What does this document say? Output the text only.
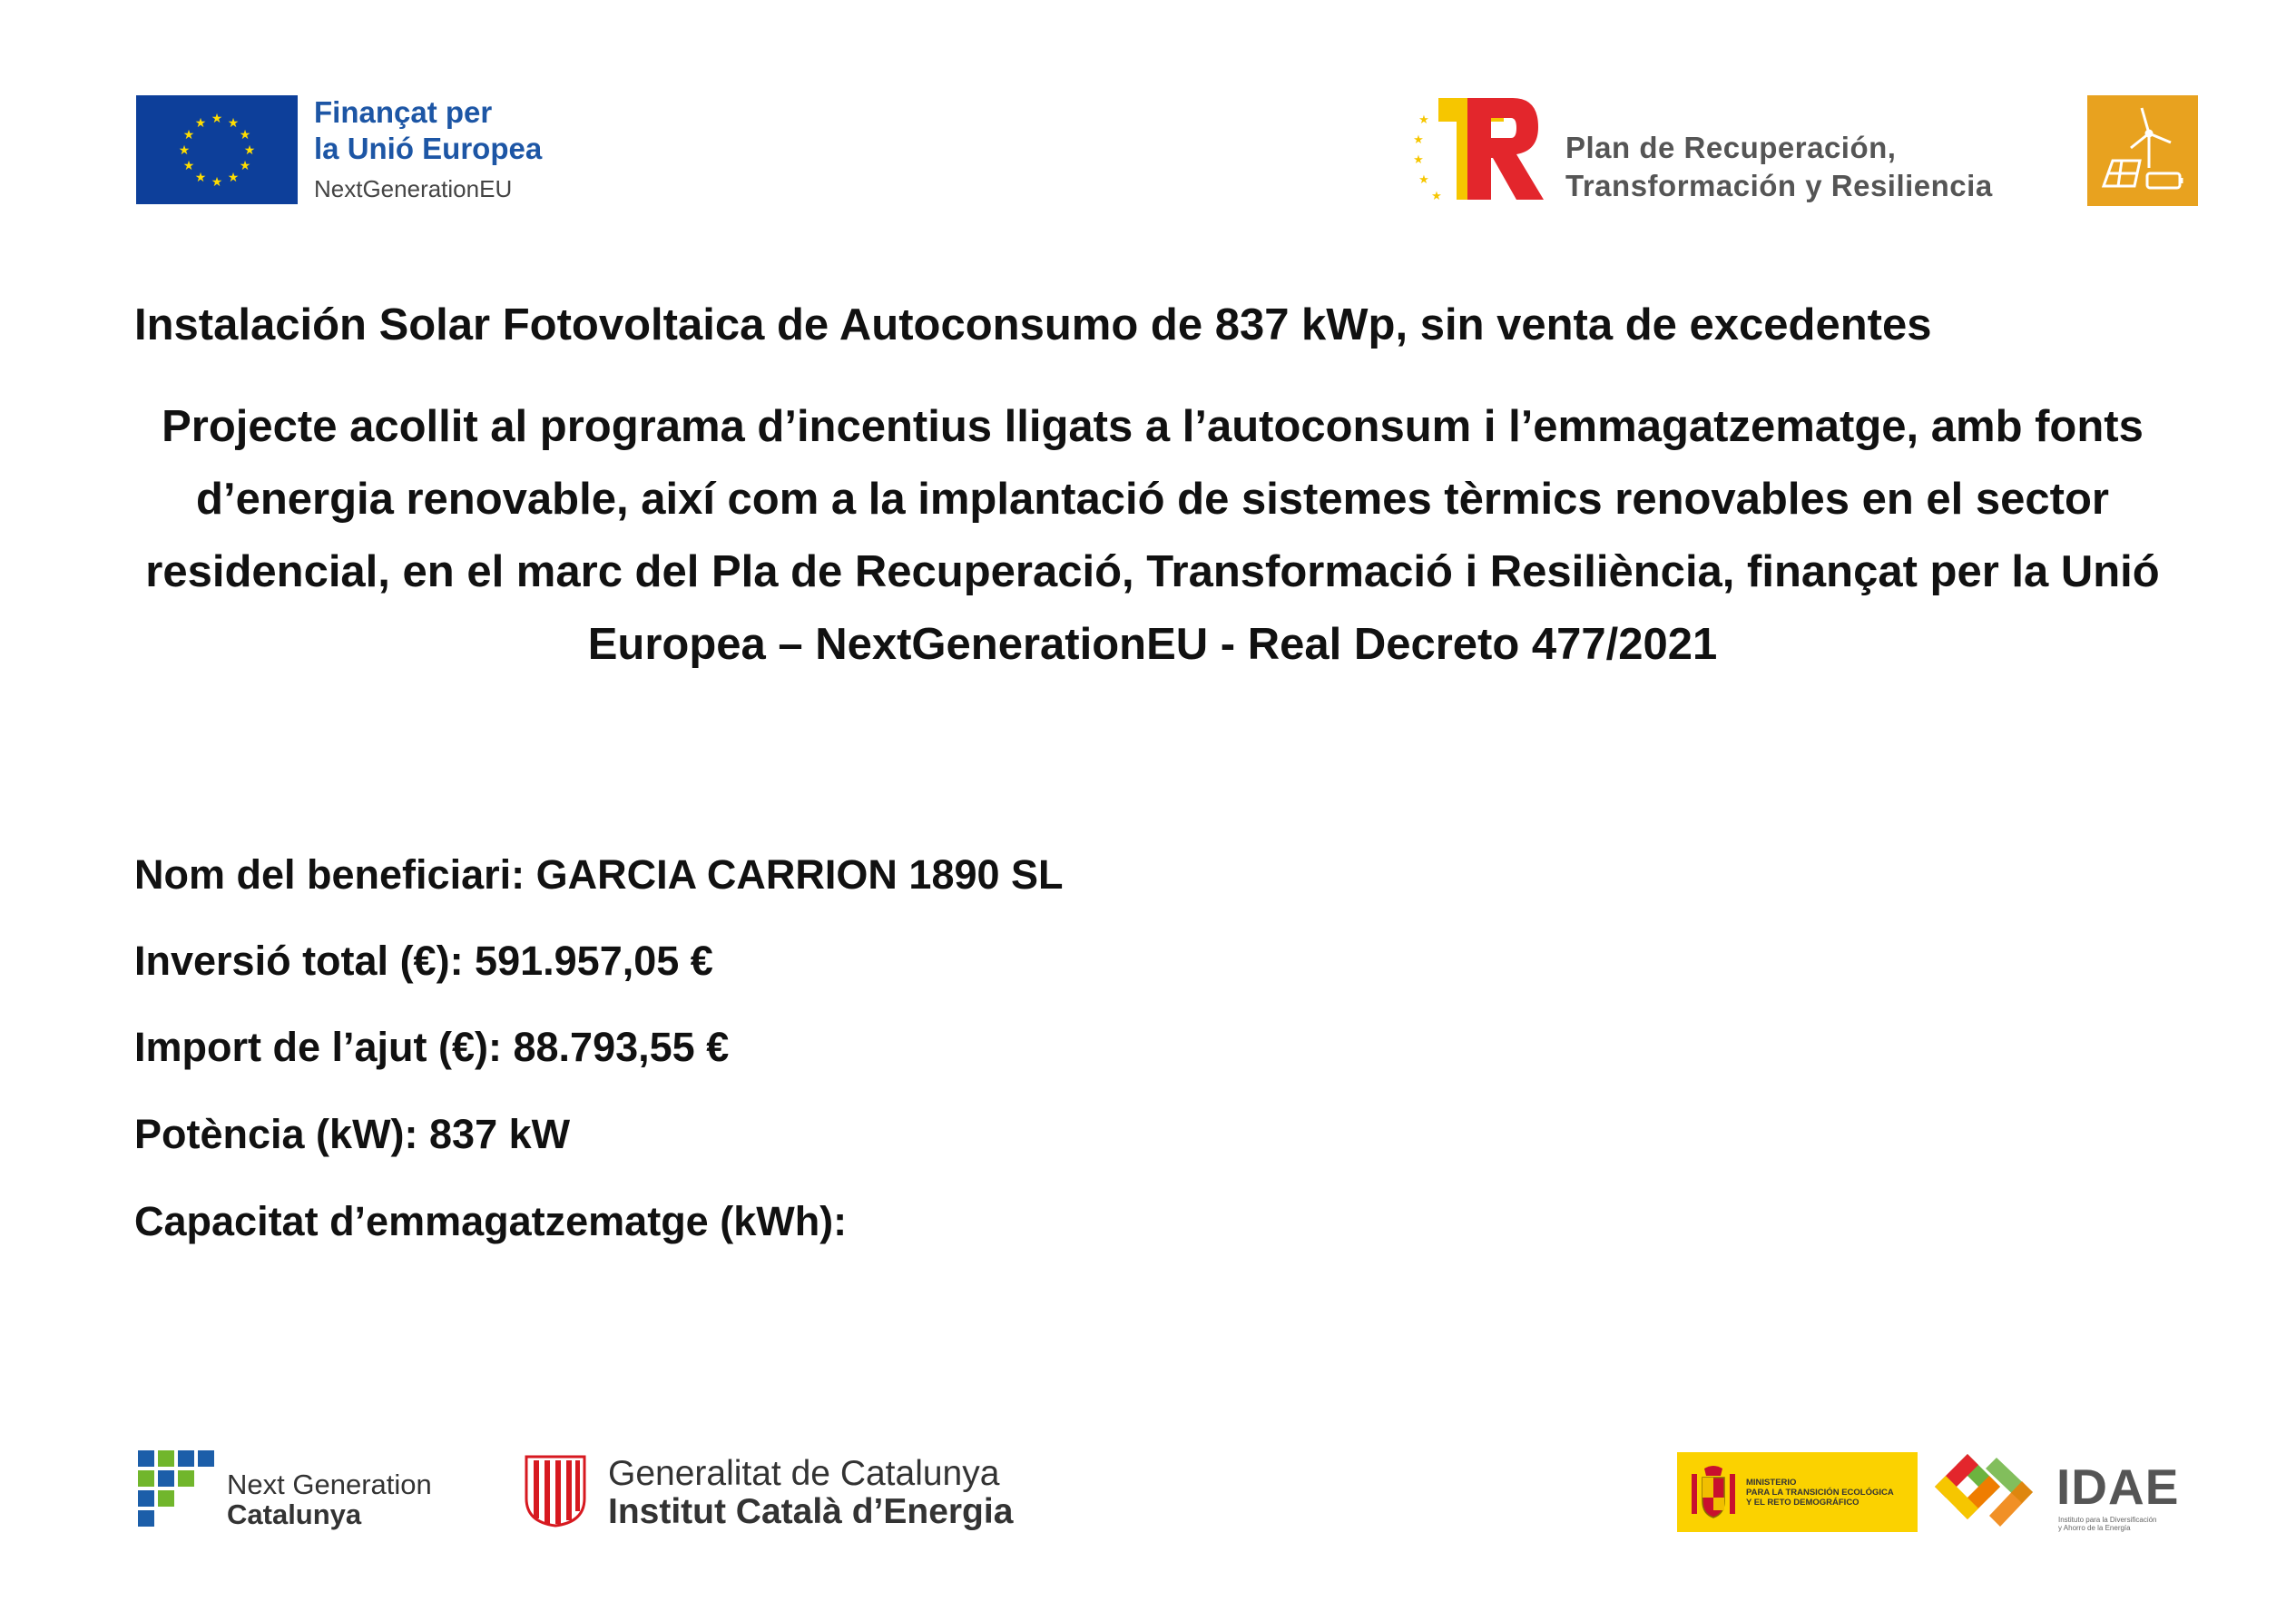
★ ★
★
★
★
★
★
★
★
★
★
★	Finançat per
la Unió Europea
NextGenerationEU
★
★
★
★
★
Plan de Recuperación,
Transformación y Resiliencia
Instalación Solar Fotovoltaica de Autoconsumo de 837 kWp, sin venta de excedentes
Projecte acollit al programa d’incentius lligats a l’autoconsum i l’emmagatzematge, amb fonts d’energia renovable, així com a la implantació de sistemes tèrmics renovables en el sector residencial, en el marc del Pla de Recuperació, Transformació i Resiliència, finançat per la Unió Europea – NextGenerationEU - Real Decreto 477/2021
Nom del beneficiari: GARCIA CARRION 1890 SL
Inversió total (€): 591.957,05 €
Import de l’ajut (€): 88.793,55 €
Potència (kW): 837 kW
Capacitat d’emmagatzematge (kWh):
Next Generation
Catalunya
Generalitat de Catalunya
Institut Català d’Energia
MINISTERIO
PARA LA TRANSICIÓN ECOLÓGICA
Y EL RETO DEMOGRÁFICO	IDAE
Instituto para la Diversificación
y Ahorro de la Energía
